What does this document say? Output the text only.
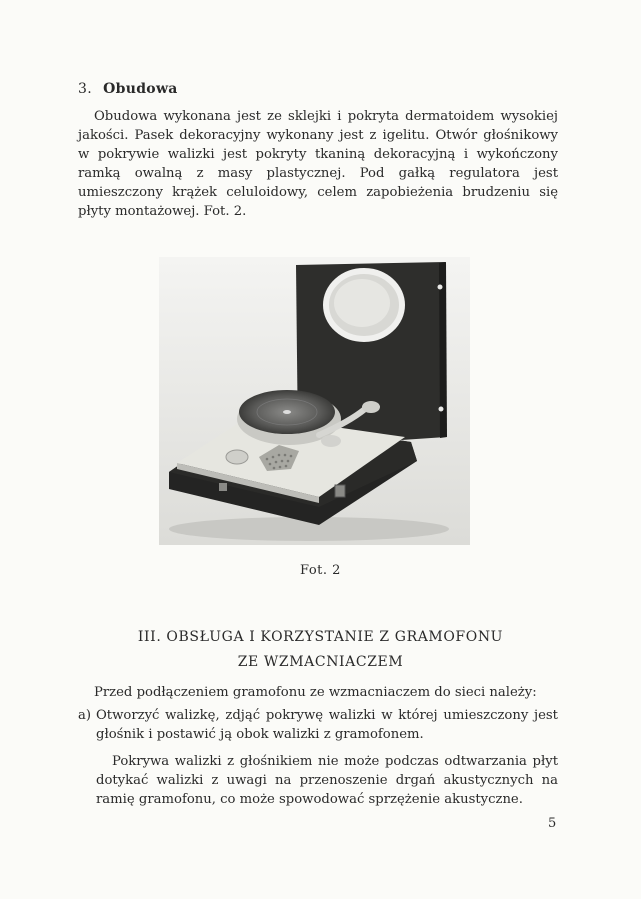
3. Obudowa
Obudowa wykonana jest ze sklejki i pokryta dermatoidem wysokiej jakości. Pasek dekoracyjny wykonany jest z igelitu. Otwór głośnikowy w pokrywie walizki jest pokryty tkaniną dekoracyjną i wykończony ramką owalną z masy plastycznej. Pod gałką regulatora jest umieszczony krążek celuloidowy, celem zapobieżenia brudzeniu się płyty montażowej. Fot. 2.
Fot. 2
III. OBSŁUGA I KORZYSTANIE Z GRAMOFONU
ZE WZMACNIACZEM
Przed podłączeniem gramofonu ze wzmacniaczem do sieci należy:
a) Otworzyć walizkę, zdjąć pokrywę walizki w której umieszczony jest głośnik i postawić ją obok walizki z gramofonem.
Pokrywa walizki z głośnikiem nie może podczas odtwarzania płyt dotykać walizki z uwagi na przenoszenie drgań akustycznych na ramię gramofonu, co może spowodować sprzężenie akustyczne.
5
